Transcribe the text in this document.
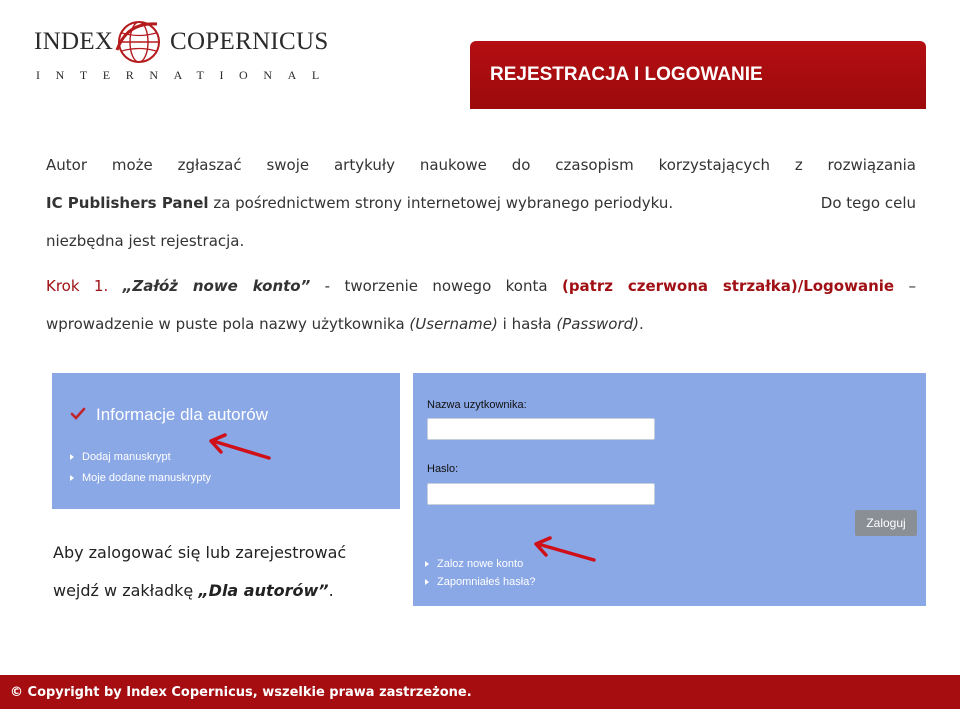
INDEX COPERNICUS
INTERNATIONAL	REJESTRACJA I LOGOWANIE
Autor może zgłaszać swoje artykuły naukowe do czasopism korzystających z rozwiązania
IC Publishers Panel za pośrednictwem strony internetowej wybranego periodyku.	Do tego celu
niezbędna jest rejestracja.
Krok 1. „Załóż nowe konto” - tworzenie nowego konta (patrz czerwona strzałka)/Logowanie –
wprowadzenie w puste pola nazwy użytkownika (Username) i hasła (Password).
Informacje dla autorów
Dodaj manuskrypt
Moje dodane manuskrypty
Nazwa uzytkownika:
Haslo:
Zaloguj
Zaloz nowe konto
Zapomniałeś hasła?
Aby zalogować się lub zarejestrować
wejdź w zakładkę „Dla autorów”.
© Copyright by Index Copernicus, wszelkie prawa zastrzeżone.
